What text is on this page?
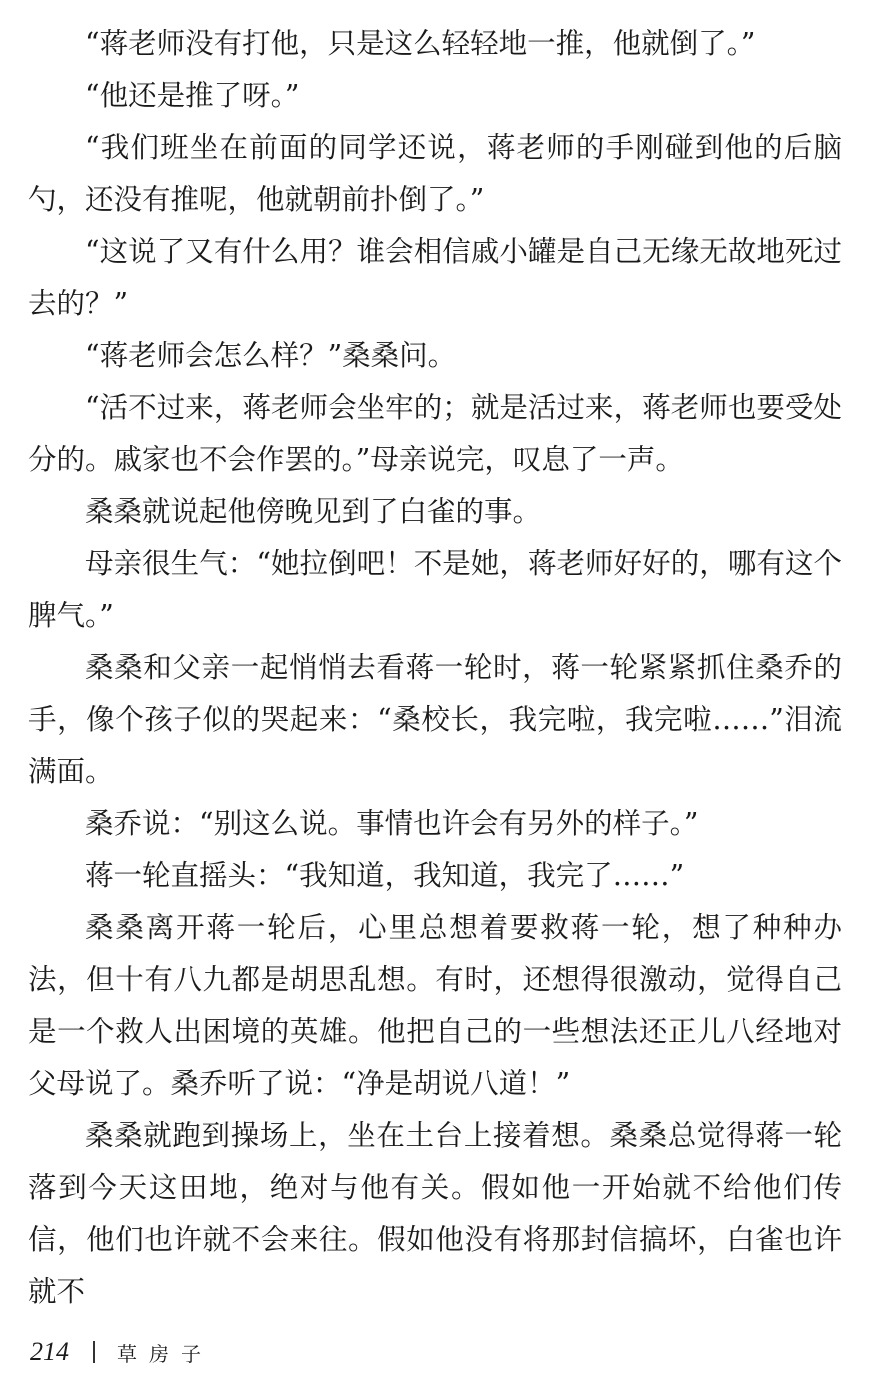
“蒋老师没有打他，只是这么轻轻地一推，他就倒了。”

“他还是推了呀。”

“我们班坐在前面的同学还说，蒋老师的手刚碰到他的后脑勺，还没有推呢，他就朝前扑倒了。”

“这说了又有什么用？谁会相信戚小罐是自己无缘无故地死过去的？”

“蒋老师会怎么样？”桑桑问。

“活不过来，蒋老师会坐牢的；就是活过来，蒋老师也要受处分的。戚家也不会作罢的。”母亲说完，叹息了一声。

桑桑就说起他傍晚见到了白雀的事。

母亲很生气：“她拉倒吧！不是她，蒋老师好好的，哪有这个脾气。”

桑桑和父亲一起悄悄去看蒋一轮时，蒋一轮紧紧抓住桑乔的手，像个孩子似的哭起来：“桑校长，我完啦，我完啦……”泪流满面。

桑乔说：“别这么说。事情也许会有另外的样子。”

蒋一轮直摇头：“我知道，我知道，我完了……”

桑桑离开蒋一轮后，心里总想着要救蒋一轮，想了种种办法，但十有八九都是胡思乱想。有时，还想得很激动，觉得自己是一个救人出困境的英雄。他把自己的一些想法还正儿八经地对父母说了。桑乔听了说：“净是胡说八道！”

桑桑就跑到操场上，坐在土台上接着想。桑桑总觉得蒋一轮落到今天这田地，绝对与他有关。假如他一开始就不给他们传信，他们也许就不会来往。假如他没有将那封信搞坏，白雀也许就不

214 草房子
